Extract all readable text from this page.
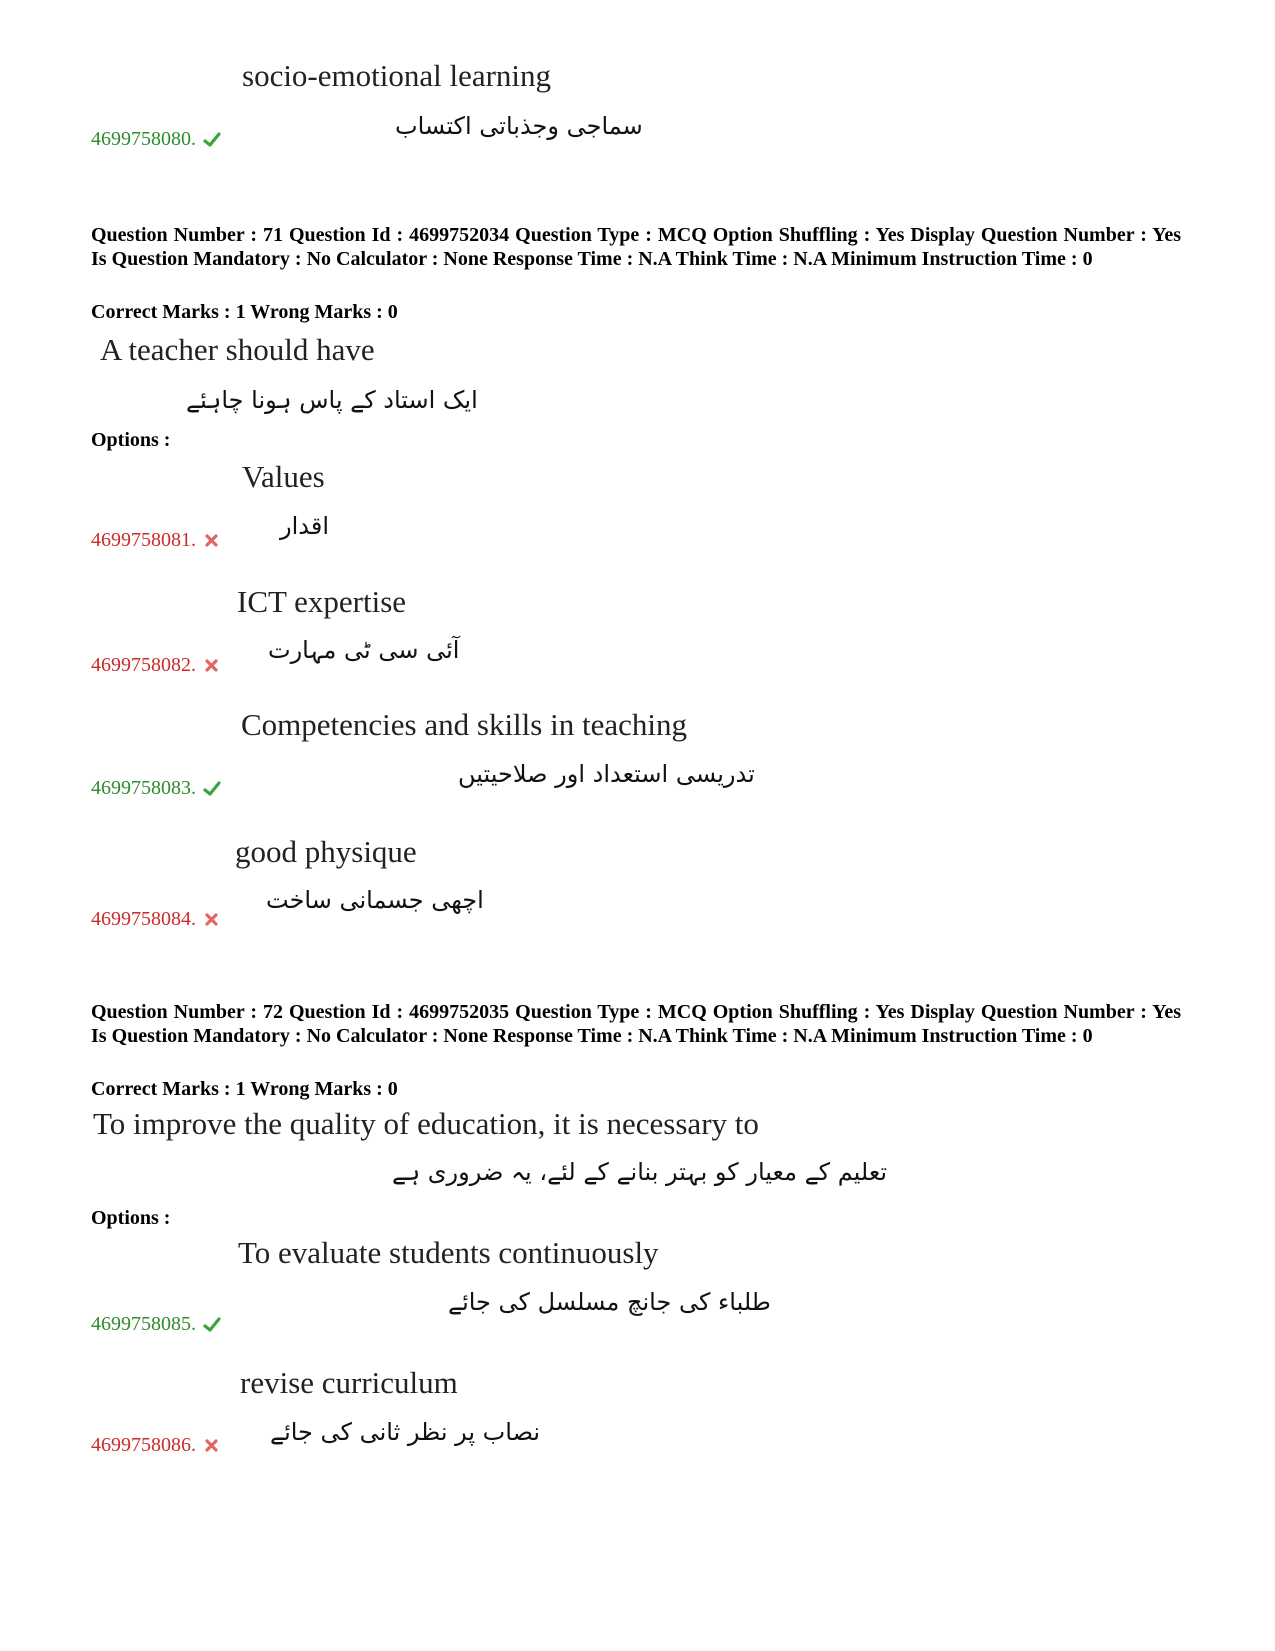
socio-emotional learning
سماجی وجذباتی اکتساب
4699758080.
Question Number : 71 Question Id : 4699752034 Question Type : MCQ Option Shuffling : Yes Display Question Number : Yes Is Question Mandatory : No Calculator : None Response Time : N.A Think Time : N.A Minimum Instruction Time : 0
Correct Marks : 1 Wrong Marks : 0
A teacher should have
ایک استاد کے پاس ہونا چاہئے
Options :
Values
اقدار
4699758081.
ICT expertise
آئی سی ٹی مہارت
4699758082.
Competencies and skills in teaching
تدریسی استعداد اور صلاحیتیں
4699758083.
good physique
اچھی جسمانی ساخت
4699758084.
Question Number : 72 Question Id : 4699752035 Question Type : MCQ Option Shuffling : Yes Display Question Number : Yes Is Question Mandatory : No Calculator : None Response Time : N.A Think Time : N.A Minimum Instruction Time : 0
Correct Marks : 1 Wrong Marks : 0
To improve the quality of education, it is necessary to
تعلیم کے معیار کو بہتر بنانے کے لئے، یہ ضروری ہے
Options :
To evaluate students continuously
طلباء کی جانچ مسلسل کی جائے
4699758085.
revise curriculum
نصاب پر نظر ثانی کی جائے
4699758086.
